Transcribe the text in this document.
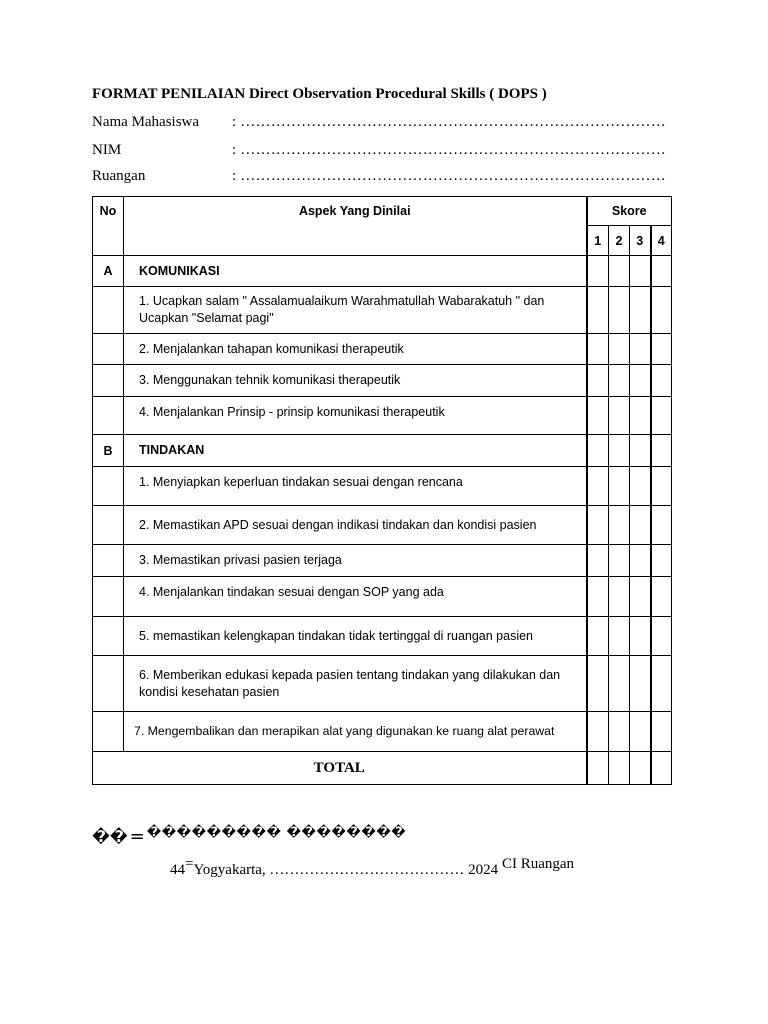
FORMAT PENILAIAN Direct Observation Procedural Skills ( DOPS )
Nama Mahasiswa : …………………………………………………………………………
NIM	: …………………………………………………………………………
Ruangan	: …………………………………………………………………………
No	Aspek Yang Dinilai	Skore			
		1	2	3	4
A	KOMUNIKASI				
	1. Ucapkan salam " Assalamualaikum Warahmatullah Wabarakatuh " dan Ucapkan "Selamat pagi"				
	2. Menjalankan tahapan komunikasi therapeutik				
	3. Menggunakan tehnik komunikasi therapeutik				
	4. Menjalankan Prinsip - prinsip komunikasi therapeutik				
B	TINDAKAN				
	1. Menyiapkan keperluan tindakan sesuai dengan rencana				
	2. Memastikan APD sesuai dengan indikasi tindakan dan kondisi pasien				
	3. Memastikan privasi pasien terjaga				
	4. Menjalankan tindakan sesuai dengan SOP yang ada				
	5. memastikan kelengkapan tindakan tidak tertinggal di ruangan pasien				
	6. Memberikan edukasi kepada pasien tentang tindakan yang dilakukan dan kondisi kesehatan pasien				
	7. Mengembalikan dan merapikan alat yang digunakan ke ruang alat perawat				
TOTAL					
�� = ��������� ��������
44=Yogyakarta, ………………………………… 2024 CI Ruangan
